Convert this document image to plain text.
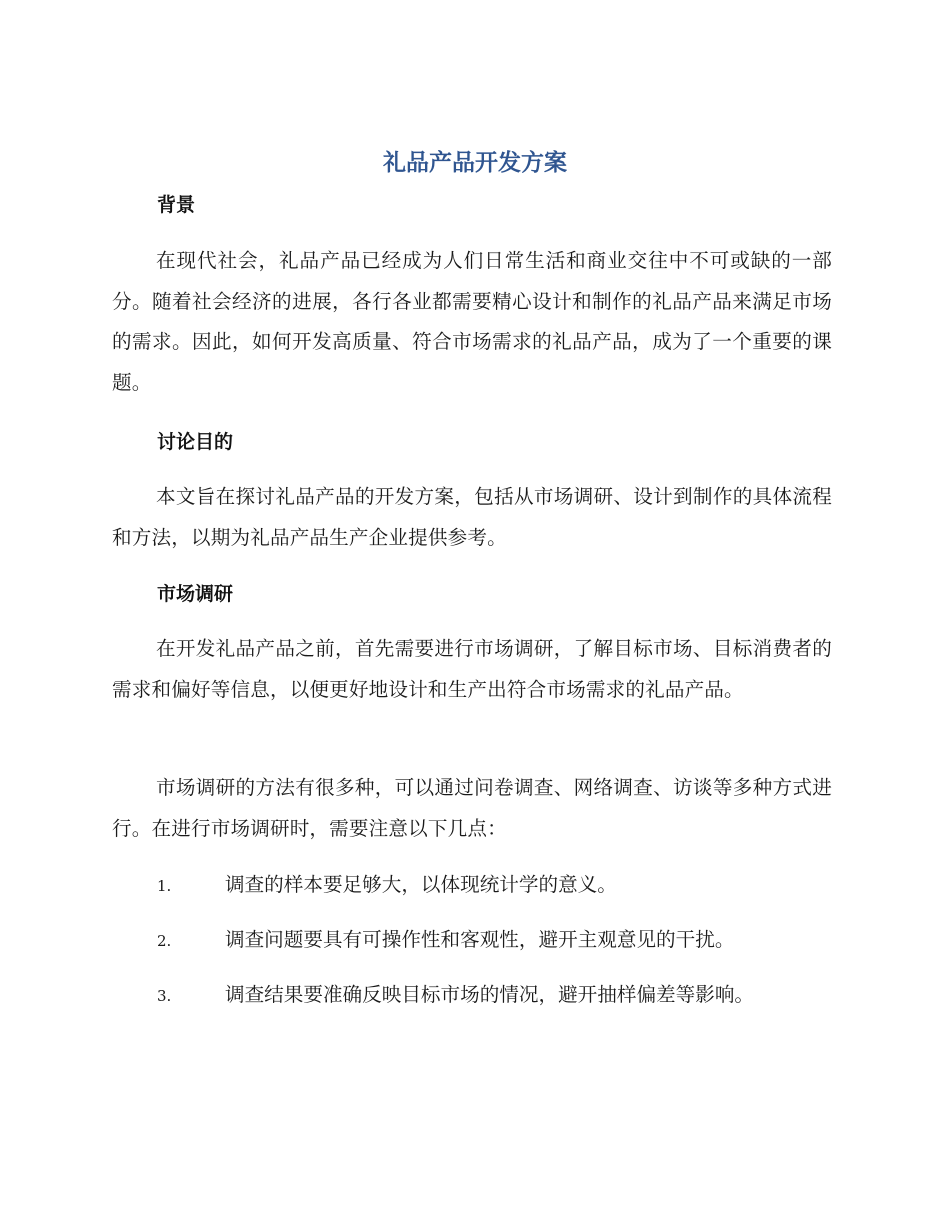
礼品产品开发方案
背景

在现代社会，礼品产品已经成为人们日常生活和商业交往中不可或缺的一部分。随着社会经济的进展，各行各业都需要精心设计和制作的礼品产品来满足市场的需求。因此，如何开发高质量、符合市场需求的礼品产品，成为了一个重要的课题。

讨论目的

本文旨在探讨礼品产品的开发方案，包括从市场调研、设计到制作的具体流程和方法，以期为礼品产品生产企业提供参考。

市场调研

在开发礼品产品之前，首先需要进行市场调研，了解目标市场、目标消费者的需求和偏好等信息，以便更好地设计和生产出符合市场需求的礼品产品。

市场调研的方法有很多种，可以通过问卷调查、网络调查、访谈等多种方式进行。在进行市场调研时，需要注意以下几点：

1.	调查的样本要足够大，以体现统计学的意义。
2.	调查问题要具有可操作性和客观性，避开主观意见的干扰。
3.	调查结果要准确反映目标市场的情况，避开抽样偏差等影响。
